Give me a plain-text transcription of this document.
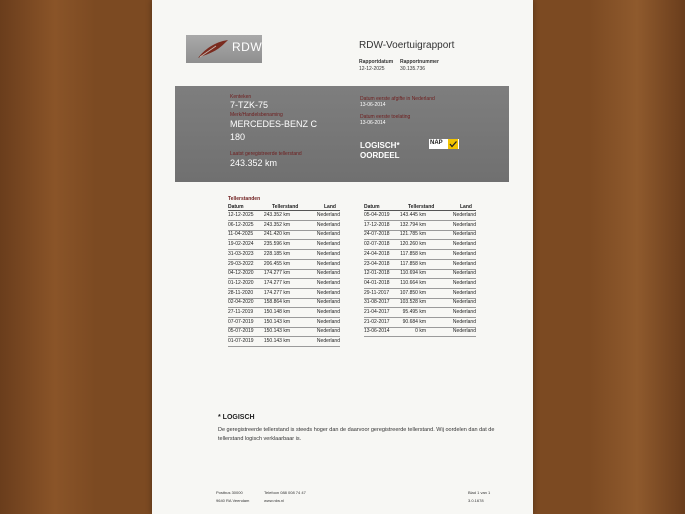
RDW	RDW-Voertuigrapport
Rapportdatum
12-12-2025
Rapportnummer
30.135.736
Kenteken
7-TZK-75
Merk/Handelsbenaming
MERCEDES-BENZ C
180
Laatst geregistreerde tellerstand
243.352 km
Datum eerste afgifte in Nederland
13-06-2014
Datum eerste toelating
13-06-2014
LOGISCH*
OORDEEL
NAP
Tellerstanden
Datum	Tellerstand	Land
12-12-2025 243.352 km	Nederland
06-12-2025 243.352 km	Nederland
11-04-2025 241.420 km	Nederland
19-02-2024 235.596 km	Nederland
31-03-2023 228.185 km	Nederland
29-03-2022 206.455 km	Nederland
04-12-2020 174.277 km	Nederland
01-12-2020 174.277 km	Nederland
28-11-2020 174.277 km	Nederland
02-04-2020 158.864 km	Nederland
27-11-2019 150.148 km	Nederland
07-07-2019 150.143 km	Nederland
05-07-2019 150.143 km	Nederland
01-07-2019 150.143 km	Nederland
Datum	Tellerstand	Land
05-04-2019 143.445 km	Nederland
17-12-2018 132.794 km	Nederland
24-07-2018 121.785 km	Nederland
02-07-2018 120.260 km	Nederland
24-04-2018 117.858 km	Nederland
23-04-2018 117.858 km	Nederland
12-01-2018 110.694 km	Nederland
04-01-2018 110.664 km	Nederland
29-11-2017 107.850 km	Nederland
31-08-2017 103.528 km	Nederland
21-04-2017	95.495 km	Nederland
21-02-2017	90.684 km	Nederland
13-06-2014	0 km	Nederland
* LOGISCH
De geregistreerde tellerstand is steeds hoger dan de daarvoor geregistreerde tellerstand. Wij oordelen dan dat de tellerstand logisch verklaarbaar is.
Postbus 30000
9640 RA Veendam
Telefoon 088 008 74 47
www.rdw.nl
Blad 1 van 1
3.0.1678
